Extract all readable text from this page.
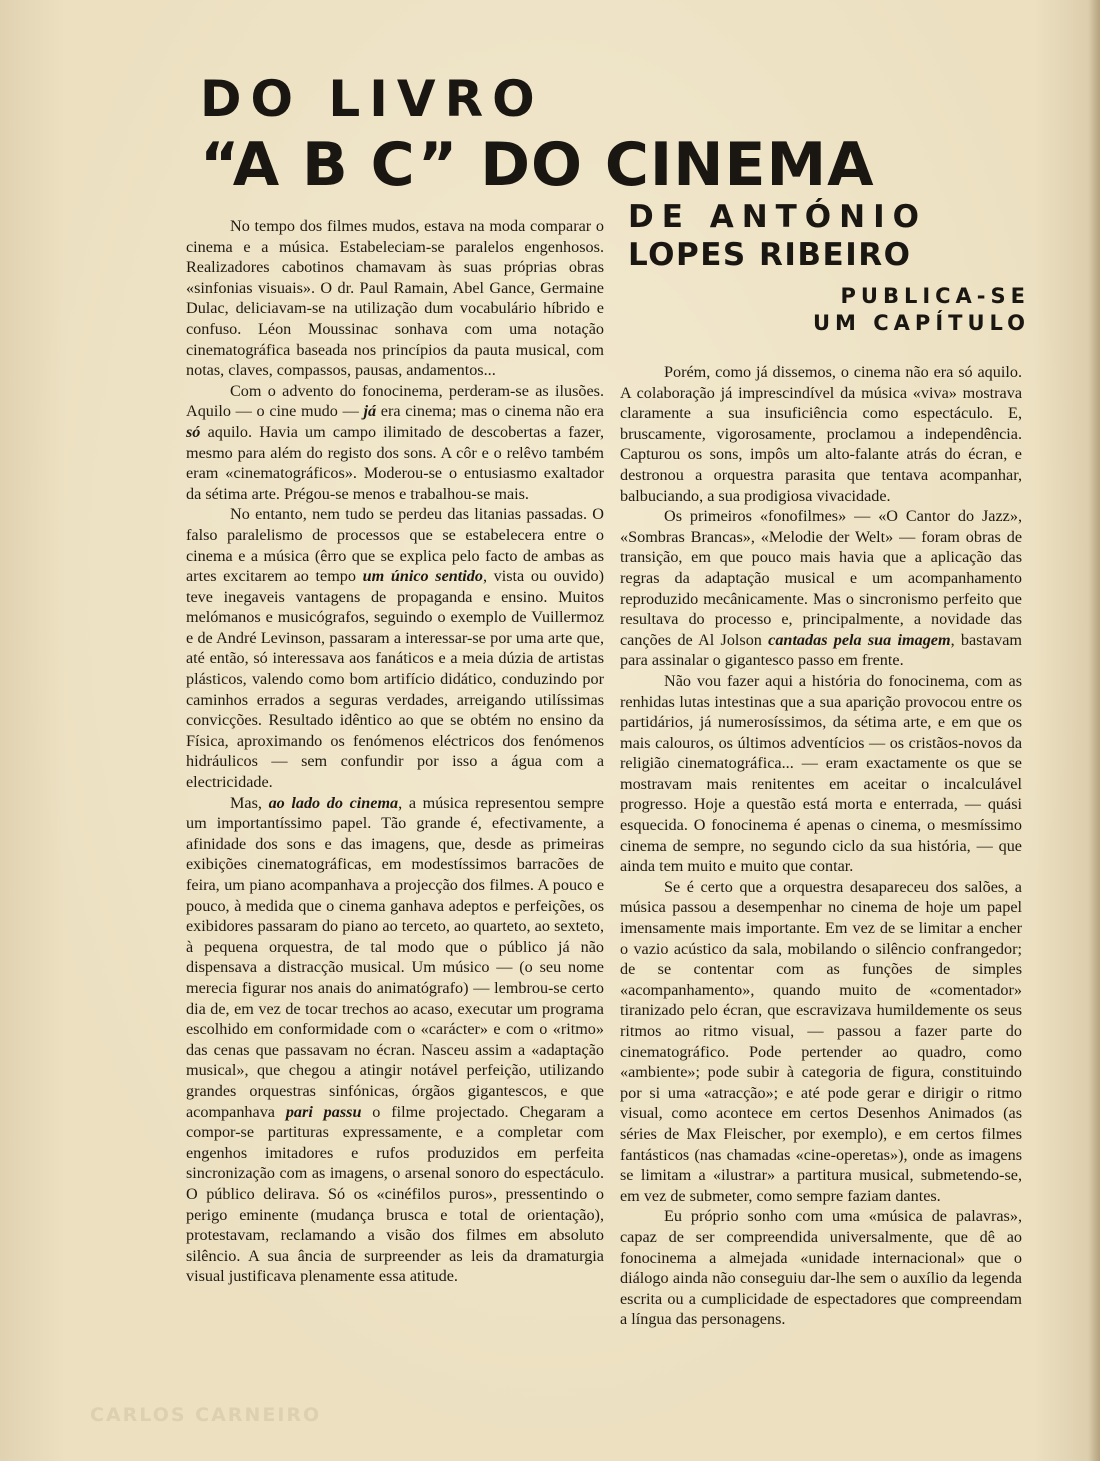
DO LIVRO
“A B C” DO CINEMA
DE ANTÓNIO
LOPES RIBEIRO
PUBLICA-SE
UM CAPÍTULO

No tempo dos filmes mudos, estava na moda comparar o cinema e a música. Estabeleciam-se paralelos engenhosos. Realizadores cabotinos chamavam às suas próprias obras «sinfonias visuais». O dr. Paul Ramain, Abel Gance, Germaine Dulac, deliciavam-se na utilização dum vocabulário híbrido e confuso. Léon Moussinac sonhava com uma notação cinematográfica baseada nos princípios da pauta musical, com notas, claves, compassos, pausas, andamentos...

Com o advento do fonocinema, perderam-se as ilusões. Aquilo — o cine mudo — já era cinema; mas o cinema não era só aquilo. Havia um campo ilimitado de descobertas a fazer, mesmo para além do registo dos sons. A côr e o relêvo também eram «cinematográficos». Moderou-se o entusiasmo exaltador da sétima arte. Prégou-se menos e trabalhou-se mais.

No entanto, nem tudo se perdeu das litanias passadas. O falso paralelismo de processos que se estabelecera entre o cinema e a música (êrro que se explica pelo facto de ambas as artes excitarem ao tempo um único sentido, vista ou ouvido) teve inegaveis vantagens de propaganda e ensino. Muitos melómanos e musicógrafos, seguindo o exemplo de Vuillermoz e de André Levinson, passaram a interessar-se por uma arte que, até então, só interessava aos fanáticos e a meia dúzia de artistas plásticos, valendo como bom artifício didático, conduzindo por caminhos errados a seguras verdades, arreigando utilíssimas convicções. Resultado idêntico ao que se obtém no ensino da Física, aproximando os fenómenos eléctricos dos fenómenos hidráulicos — sem confundir por isso a água com a electricidade.

Mas, ao lado do cinema, a música representou sempre um importantíssimo papel. Tão grande é, efectivamente, a afinidade dos sons e das imagens, que, desde as primeiras exibições cinematográficas, em modestíssimos barracões de feira, um piano acompanhava a projecção dos filmes. A pouco e pouco, à medida que o cinema ganhava adeptos e perfeições, os exibidores passaram do piano ao terceto, ao quarteto, ao sexteto, à pequena orquestra, de tal modo que o público já não dispensava a distracção musical. Um músico — (o seu nome merecia figurar nos anais do animatógrafo) — lembrou-se certo dia de, em vez de tocar trechos ao acaso, executar um programa escolhido em conformidade com o «carácter» e com o «ritmo» das cenas que passavam no écran. Nasceu assim a «adaptação musical», que chegou a atingir notável perfeição, utilizando grandes orquestras sinfónicas, órgãos gigantescos, e que acompanhava pari passu o filme projectado. Chegaram a compor-se partituras expressamente, e a completar com engenhos imitadores e rufos produzidos em perfeita sincronização com as imagens, o arsenal sonoro do espectáculo. O público delirava. Só os «cinéfilos puros», pressentindo o perigo eminente (mudança brusca e total de orientação), protestavam, reclamando a visão dos filmes em absoluto silêncio. A sua ância de surpreender as leis da dramaturgia visual justificava plenamente essa atitude.

Porém, como já dissemos, o cinema não era só aquilo. A colaboração já imprescindível da música «viva» mostrava claramente a sua insuficiência como espectáculo. E, bruscamente, vigorosamente, proclamou a independência. Capturou os sons, impôs um alto-falante atrás do écran, e destronou a orquestra parasita que tentava acompanhar, balbuciando, a sua prodigiosa vivacidade.

Os primeiros «fonofilmes» — «O Cantor do Jazz», «Sombras Brancas», «Melodie der Welt» — foram obras de transição, em que pouco mais havia que a aplicação das regras da adaptação musical e um acompanhamento reproduzido mecânicamente. Mas o sincronismo perfeito que resultava do processo e, principalmente, a novidade das canções de Al Jolson cantadas pela sua imagem, bastavam para assinalar o gigantesco passo em frente.

Não vou fazer aqui a história do fonocinema, com as renhidas lutas intestinas que a sua aparição provocou entre os partidários, já numerosíssimos, da sétima arte, e em que os mais calouros, os últimos adventícios — os cristãos-novos da religião cinematográfica... — eram exactamente os que se mostravam mais renitentes em aceitar o incalculável progresso. Hoje a questão está morta e enterrada, — quási esquecida. O fonocinema é apenas o cinema, o mesmíssimo cinema de sempre, no segundo ciclo da sua história, — que ainda tem muito e muito que contar.

Se é certo que a orquestra desapareceu dos salões, a música passou a desempenhar no cinema de hoje um papel imensamente mais importante. Em vez de se limitar a encher o vazio acústico da sala, mobilando o silêncio confrangedor; de se contentar com as funções de simples «acompanhamento», quando muito de «comentador» tiranizado pelo écran, que escravizava humildemente os seus ritmos ao ritmo visual, — passou a fazer parte do cinematográfico. Pode pertender ao quadro, como «ambiente»; pode subir à categoria de figura, constituindo por si uma «atracção»; e até pode gerar e dirigir o ritmo visual, como acontece em certos Desenhos Animados (as séries de Max Fleischer, por exemplo), e em certos filmes fantásticos (nas chamadas «cine-operetas»), onde as imagens se limitam a «ilustrar» a partitura musical, submetendo-se, em vez de submeter, como sempre faziam dantes.

Eu próprio sonho com uma «música de palavras», capaz de ser compreendida universalmente, que dê ao fonocinema a almejada «unidade internacional» que o diálogo ainda não conseguiu dar-lhe sem o auxílio da legenda escrita ou a cumplicidade de espectadores que compreendam a língua das personagens.

CARLOS CARNEIRO
